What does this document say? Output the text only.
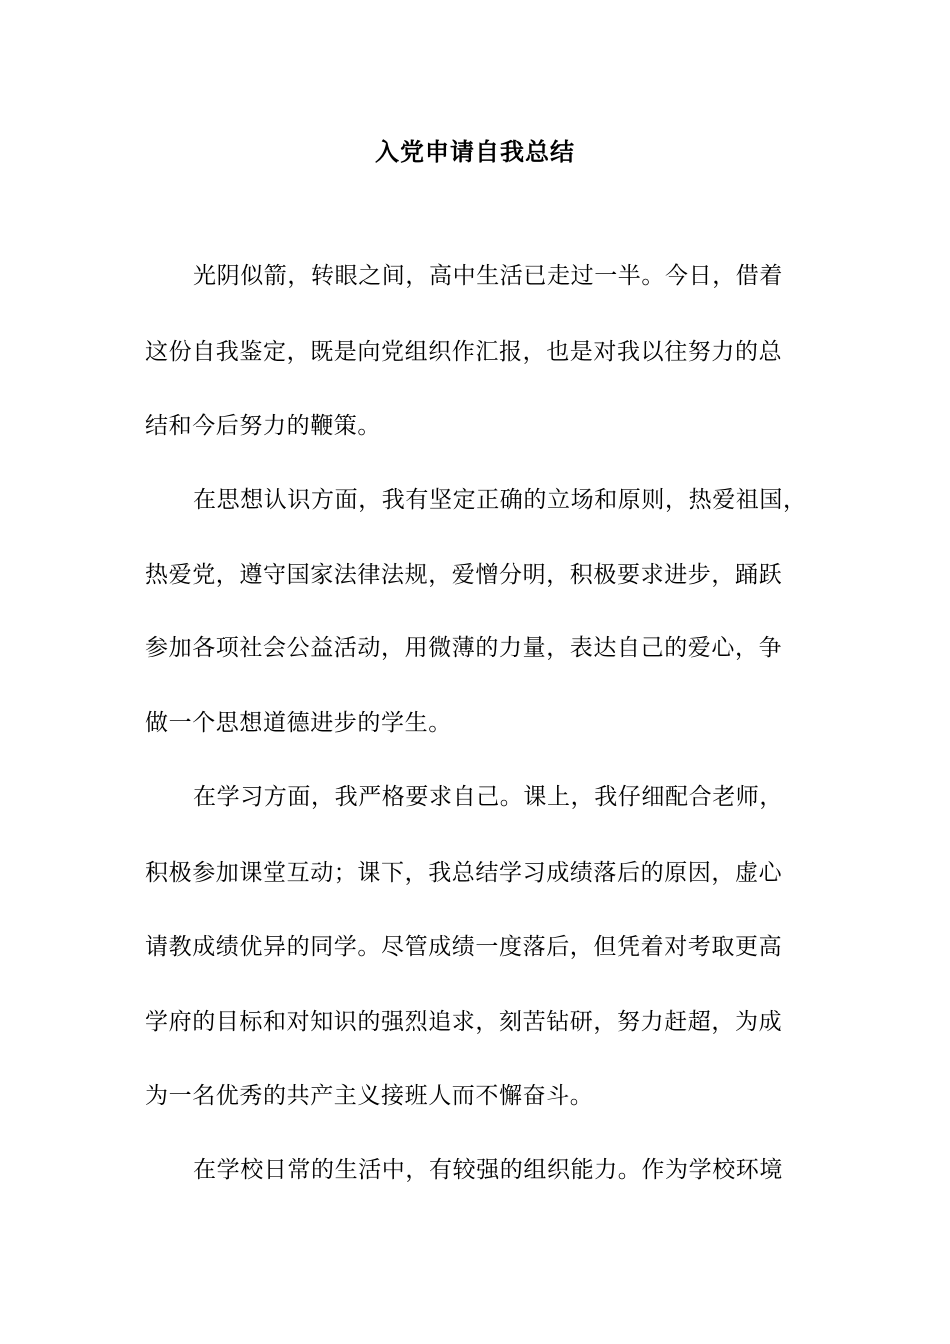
入党申请自我总结
光阴似箭，转眼之间，高中生活已走过一半。今日，借着
这份自我鉴定，既是向党组织作汇报，也是对我以往努力的总
结和今后努力的鞭策。
在思想认识方面，我有坚定正确的立场和原则，热爱祖国，
热爱党，遵守国家法律法规，爱憎分明，积极要求进步，踊跃
参加各项社会公益活动，用微薄的力量，表达自己的爱心，争
做一个思想道德进步的学生。
在学习方面，我严格要求自己。课上，我仔细配合老师，
积极参加课堂互动；课下，我总结学习成绩落后的原因，虚心
请教成绩优异的同学。尽管成绩一度落后，但凭着对考取更高
学府的目标和对知识的强烈追求，刻苦钻研，努力赶超，为成
为一名优秀的共产主义接班人而不懈奋斗。
在学校日常的生活中，有较强的组织能力。作为学校环境
